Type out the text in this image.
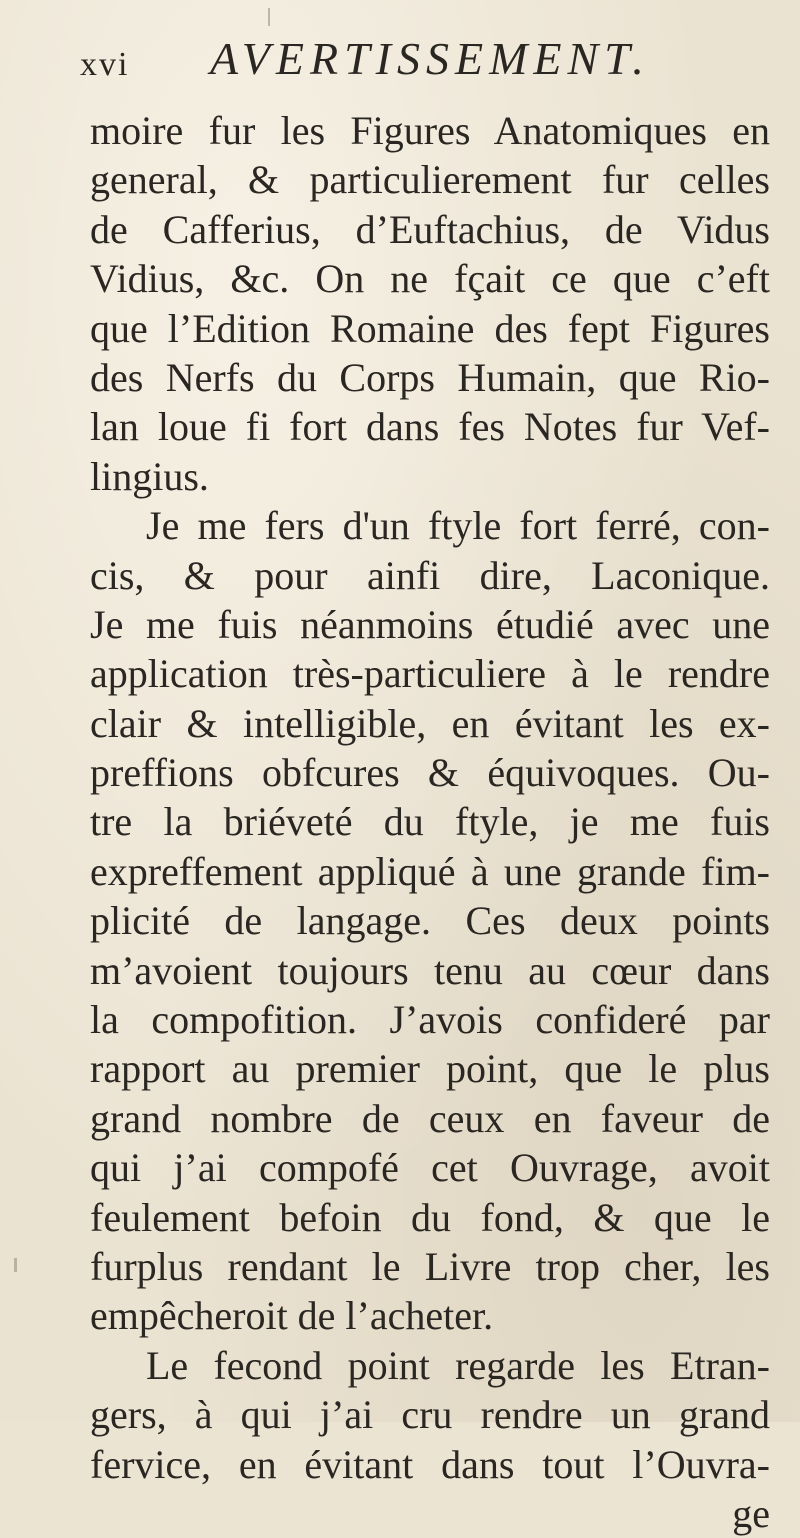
xvi AVERTISSEMENT.
moire fur les Figures Anatomiques en
general, & particulierement fur celles
de Cafferius, d’Euftachius, de Vidus
Vidius, &c. On ne fçait ce que c’eft
que l’Edition Romaine des fept Figures
des Nerfs du Corps Humain, que Rio-
lan loue fi fort dans fes Notes fur Vef-
lingius.
Je me fers d'un ftyle fort ferré, con-
cis, & pour ainfi dire, Laconique.
Je me fuis néanmoins étudié avec une
application très-particuliere à le rendre
clair & intelligible, en évitant les ex-
preffions obfcures & équivoques. Ou-
tre la briéveté du ftyle, je me fuis
expreffement appliqué à une grande fim-
plicité de langage. Ces deux points
m’avoient toujours tenu au cœur dans
la compofition. J’avois confideré par
rapport au premier point, que le plus
grand nombre de ceux en faveur de
qui j’ai compofé cet Ouvrage, avoit
feulement befoin du fond, & que le
furplus rendant le Livre trop cher, les
empêcheroit de l’acheter.
Le fecond point regarde les Etran-
gers, à qui j’ai cru rendre un grand
fervice, en évitant dans tout l’Ouvra-
ge
